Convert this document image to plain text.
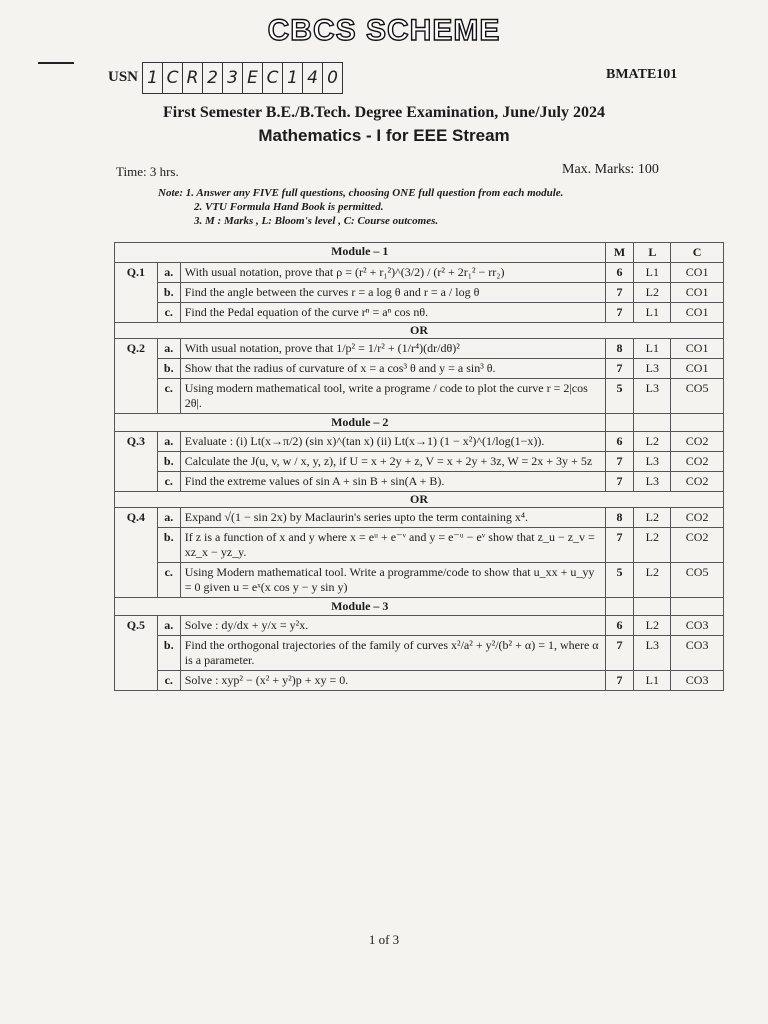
CBCS SCHEME
USN 1 C R 2 3 E C 1 4 0	BMATE101
First Semester B.E./B.Tech. Degree Examination, June/July 2024
Mathematics - I for EEE Stream
Time: 3 hrs.	Max. Marks: 100
Note: 1. Answer any FIVE full questions, choosing ONE full question from each module.
2. VTU Formula Hand Book is permitted.
3. M : Marks , L: Bloom's level , C: Course outcomes.
Module – 1			M	L	C
Q.1	a.	With usual notation, prove that ρ = (r² + r₁²)^(3/2) / (r² + 2r₁² − rr₂)	6	L1	CO1
	b.	Find the angle between the curves r = a log θ and r = a / log θ	7	L2	CO1
	c.	Find the Pedal equation of the curve rⁿ = aⁿ cos nθ.	7	L1	CO1
OR					
Q.2	a.	With usual notation, prove that 1/p² = 1/r² + (1/r⁴)(dr/dθ)²	8	L1	CO1
	b.	Show that the radius of curvature of x = a cos³ θ and y = a sin³ θ.	7	L3	CO1
	c.	Using modern mathematical tool, write a programe / code to plot the curve r = 2|cos 2θ|.	5	L3	CO5
Module – 2					
Q.3	a.	Evaluate : (i) Lt(x→π/2) (sin x)^(tan x) (ii) Lt(x→1) (1 − x²)^(1/log(1−x)).	6	L2	CO2
	b.	Calculate the J(u, v, w / x, y, z), if U = x + 2y + z, V = x + 2y + 3z, W = 2x + 3y + 5z	7	L3	CO2
	c.	Find the extreme values of sin A + sin B + sin(A + B).	7	L3	CO2
OR					
Q.4	a.	Expand √(1 − sin 2x) by Maclaurin's series upto the term containing x⁴.	8	L2	CO2
	b.	If z is a function of x and y where x = eᵘ + e⁻ᵛ and y = e⁻ᵘ − eᵛ show that z_u − z_v = xz_x − yz_y.	7	L2	CO2
	c.	Using Modern mathematical tool. Write a programme/code to show that u_xx + u_yy = 0 given u = eˣ(x cos y − y sin y)	5	L2	CO5
Module – 3					
Q.5	a.	Solve : dy/dx + y/x = y²x.	6	L2	CO3
	b.	Find the orthogonal trajectories of the family of curves x²/a² + y²/(b² + α) = 1, where α is a parameter.	7	L3	CO3
	c.	Solve : xyp² − (x² + y²)p + xy = 0.	7	L1	CO3
1 of 3
